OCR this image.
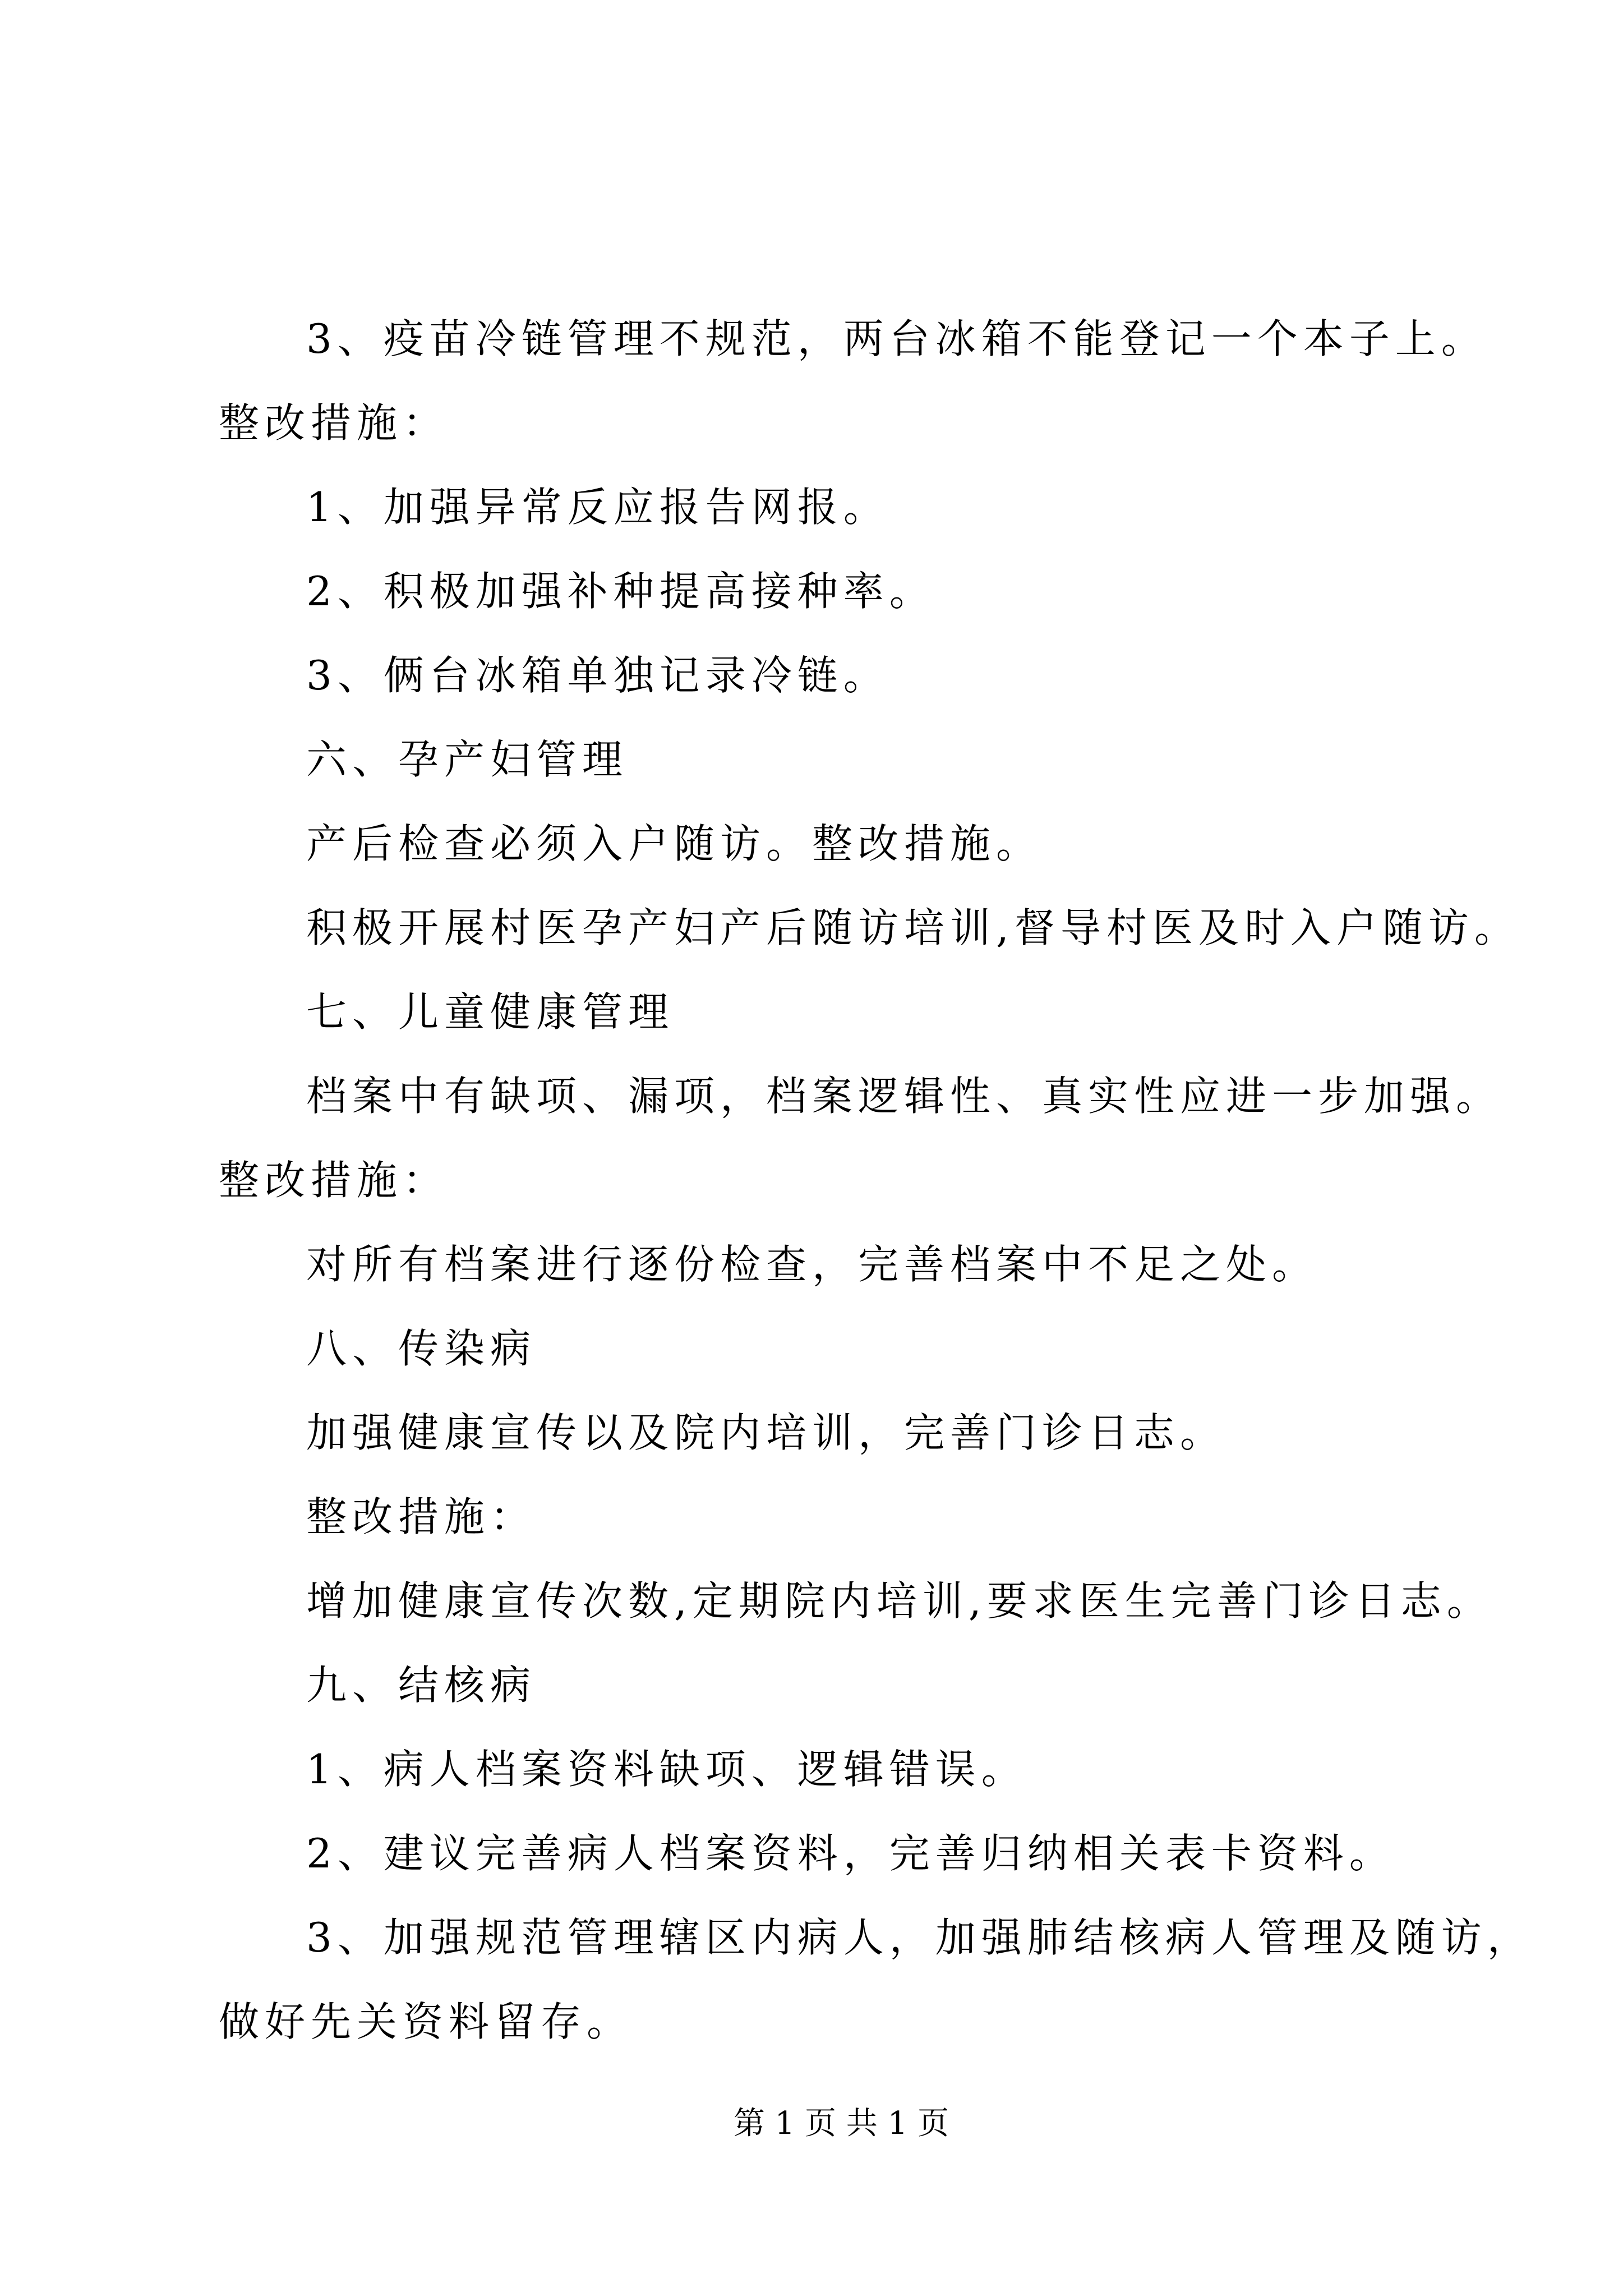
3、疫苗冷链管理不规范，两台冰箱不能登记一个本子上。
整改措施：
1、加强异常反应报告网报。
2、积极加强补种提高接种率。
3、俩台冰箱单独记录冷链。
六、孕产妇管理
产后检查必须入户随访。整改措施。
积极开展村医孕产妇产后随访培训,督导村医及时入户随访。
七、儿童健康管理
档案中有缺项、漏项，档案逻辑性、真实性应进一步加强。
整改措施：
对所有档案进行逐份检查，完善档案中不足之处。
八、传染病
加强健康宣传以及院内培训，完善门诊日志。
整改措施：
增加健康宣传次数,定期院内培训,要求医生完善门诊日志。
九、结核病
1、病人档案资料缺项、逻辑错误。
2、建议完善病人档案资料，完善归纳相关表卡资料。
3、加强规范管理辖区内病人，加强肺结核病人管理及随访，
做好先关资料留存。
第 1 页 共 1 页
